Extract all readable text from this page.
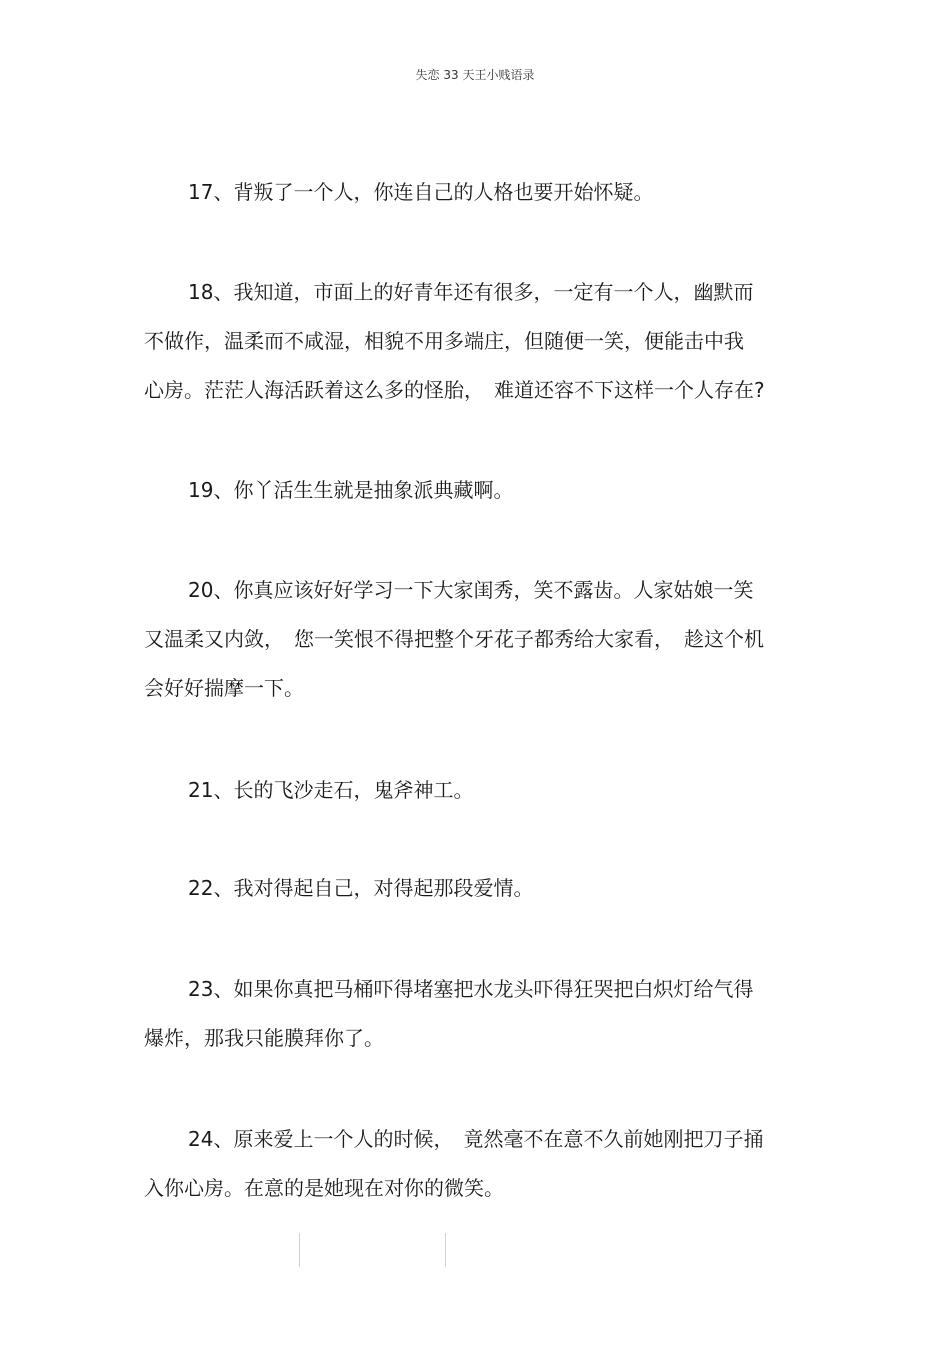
失恋 33 天王小贱语录

17、背叛了一个人，你连自己的人格也要开始怀疑。

18、我知道，市面上的好青年还有很多，一定有一个人，幽默而
不做作，温柔而不咸湿，相貌不用多端庄，但随便一笑，便能击中我
心房。茫茫人海活跃着这么多的怪胎，　难道还容不下这样一个人存在?

19、你丫活生生就是抽象派典藏啊。

20、你真应该好好学习一下大家闺秀，笑不露齿。人家姑娘一笑
又温柔又内敛，　您一笑恨不得把整个牙花子都秀给大家看，　趁这个机
会好好揣摩一下。

21、长的飞沙走石，鬼斧神工。

22、我对得起自己，对得起那段爱情。

23、如果你真把马桶吓得堵塞把水龙头吓得狂哭把白炽灯给气得
爆炸，那我只能膜拜你了。

24、原来爱上一个人的时候，　竟然毫不在意不久前她刚把刀子捅
入你心房。在意的是她现在对你的微笑。
